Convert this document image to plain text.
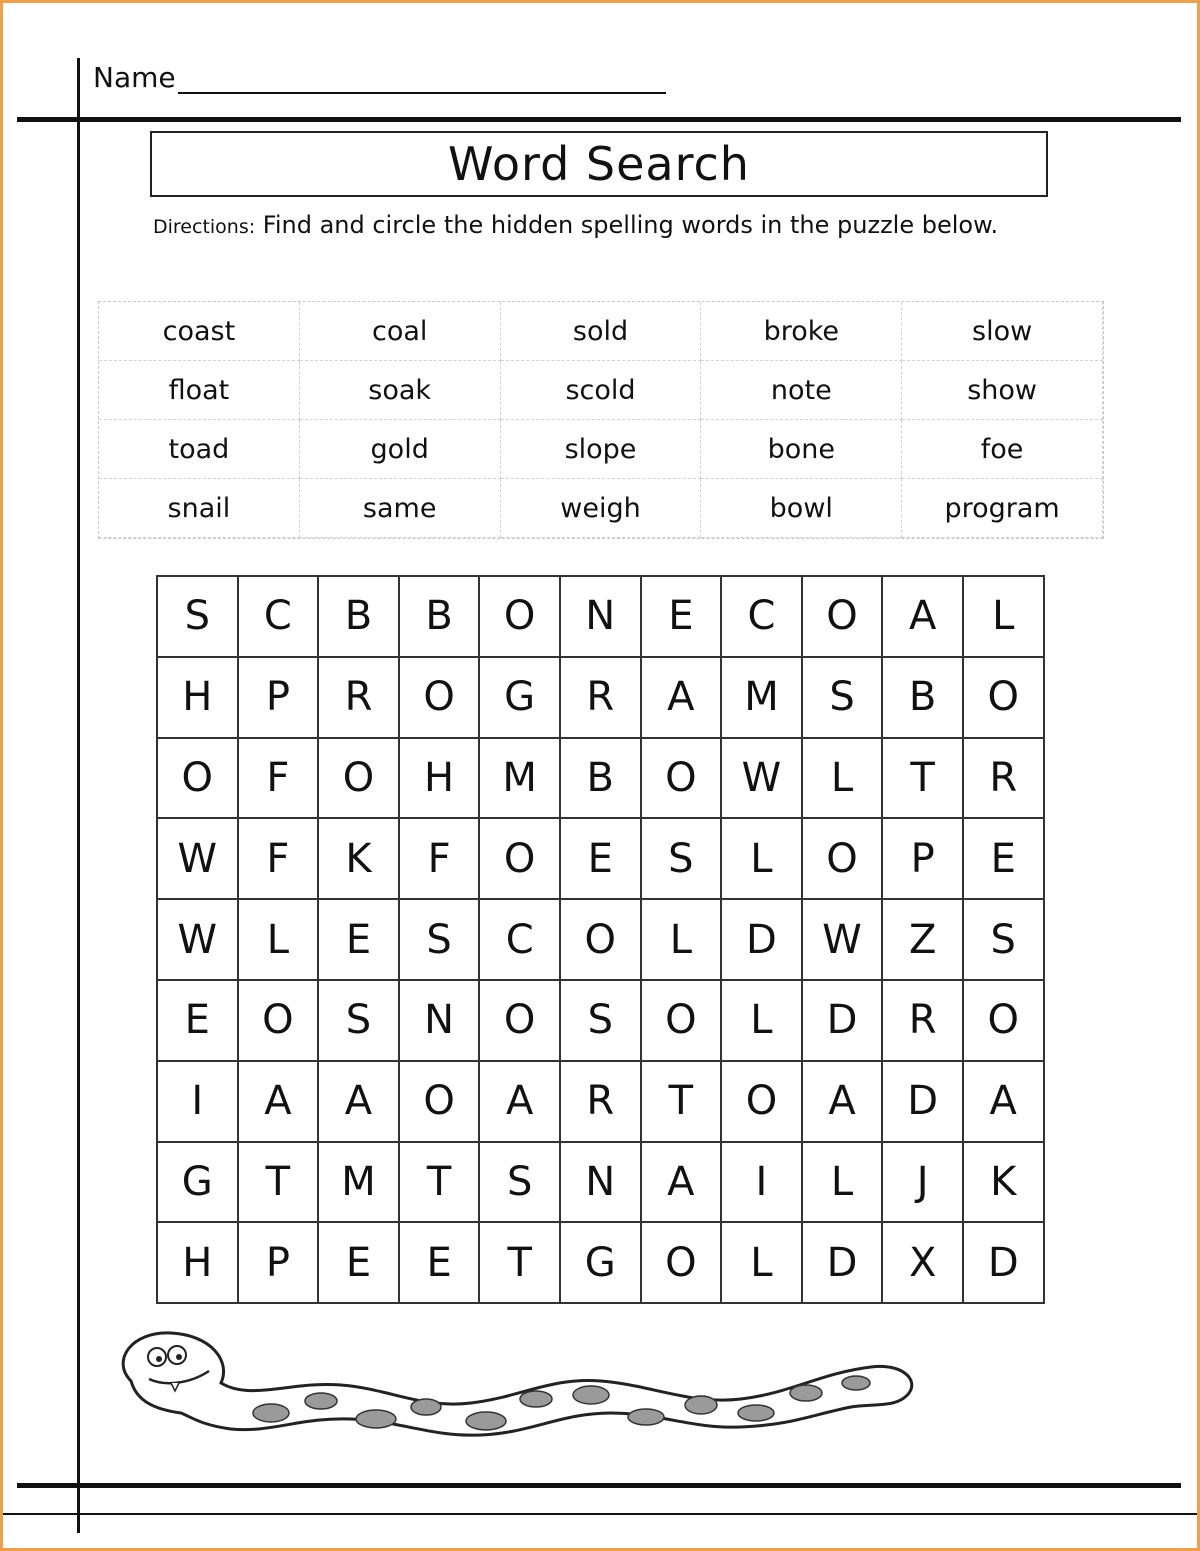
Name
Word Search
Directions: Find and circle the hidden spelling words in the puzzle below.
coast	coal	sold	broke	slow
float	soak	scold	note	show
toad	gold	slope	bone	foe
snail	same	weigh	bowl	program
S	C	B	B	O	N	E	C	O	A	L
H	P	R	O	G	R	A	M	S	B	O
O	F	O	H	M	B	O	W	L	T	R
W	F	K	F	O	E	S	L	O	P	E
W	L	E	S	C	O	L	D	W	Z	S
E	O	S	N	O	S	O	L	D	R	O
I	A	A	O	A	R	T	O	A	D	A
G	T	M	T	S	N	A	I	L	J	K
H	P	E	E	T	G	O	L	D	X	D
